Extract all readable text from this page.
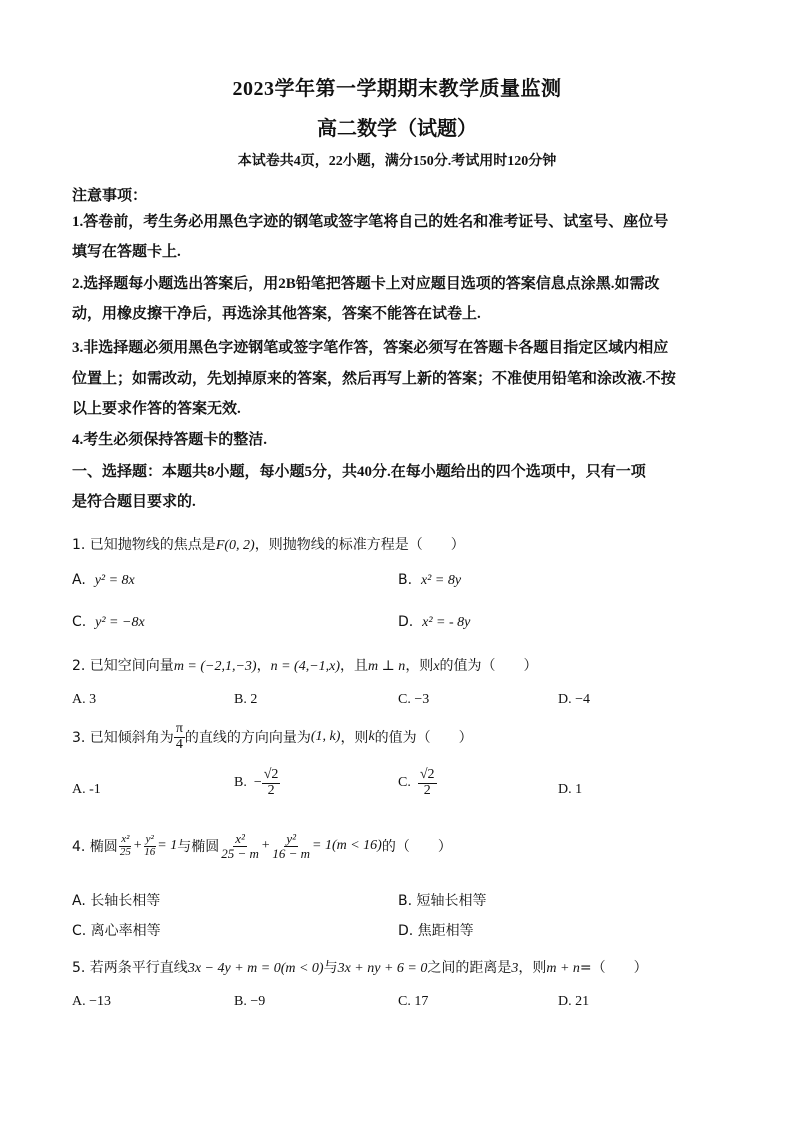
2023学年第一学期期末教学质量监测
高二数学（试题）
本试卷共4页，22小题，满分150分.考试用时120分钟
注意事项：
1.答卷前，考生务必用黑色字迹的钢笔或签字笔将自己的姓名和准考证号、试室号、座位号
填写在答题卡上.
2.选择题每小题选出答案后，用2B铅笔把答题卡上对应题目选项的答案信息点涂黑.如需改
动，用橡皮擦干净后，再选涂其他答案，答案不能答在试卷上.
3.非选择题必须用黑色字迹钢笔或签字笔作答，答案必须写在答题卡各题目指定区域内相应
位置上；如需改动，先划掉原来的答案，然后再写上新的答案；不准使用铅笔和涂改液.不按
以上要求作答的答案无效.
4.考生必须保持答题卡的整洁.
一、选择题：本题共8小题，每小题5分，共40分.在每小题给出的四个选项中，只有一项
是符合题目要求的.
1. 已知抛物线的焦点是F(0, 2)，则抛物线的标准方程是（　　）
A. y² = 8x	B. x² = 8y
C. y² = −8x	D. x² = - 8y
2. 已知空间向量m = (−2,1,−3)，n = (4,−1,x)，且m ⊥ n，则x的值为（　　）
A. 3	B. 2	C. −3	D. −4
3. 已知倾斜角为 $\frac{\pi}{4}$ 的直线的方向向量为 (1, k) ，则 k 的值为（　　）
A. -1	B.
− $\frac{√2}{2}$	C.
$\frac{√2}{2}$	D. 1
4. 椭圆 $\frac{\text{x²}}{25} + \frac{\text{y²}}{16} = 1$ 与椭圆 $\frac{\text{x²}}{25 - m} + \frac{\text{y²}}{16 - m} = 1(m < 16)$ 的（　　）
A. 长轴长相等	B. 短轴长相等
C. 离心率相等	D. 焦距相等
5. 若两条平行直线3x − 4y + m = 0(m < 0)与3x + ny + 6 = 0之间的距离是3，则m + n=（　　）
A. −13	B. −9	C. 17	D. 21
